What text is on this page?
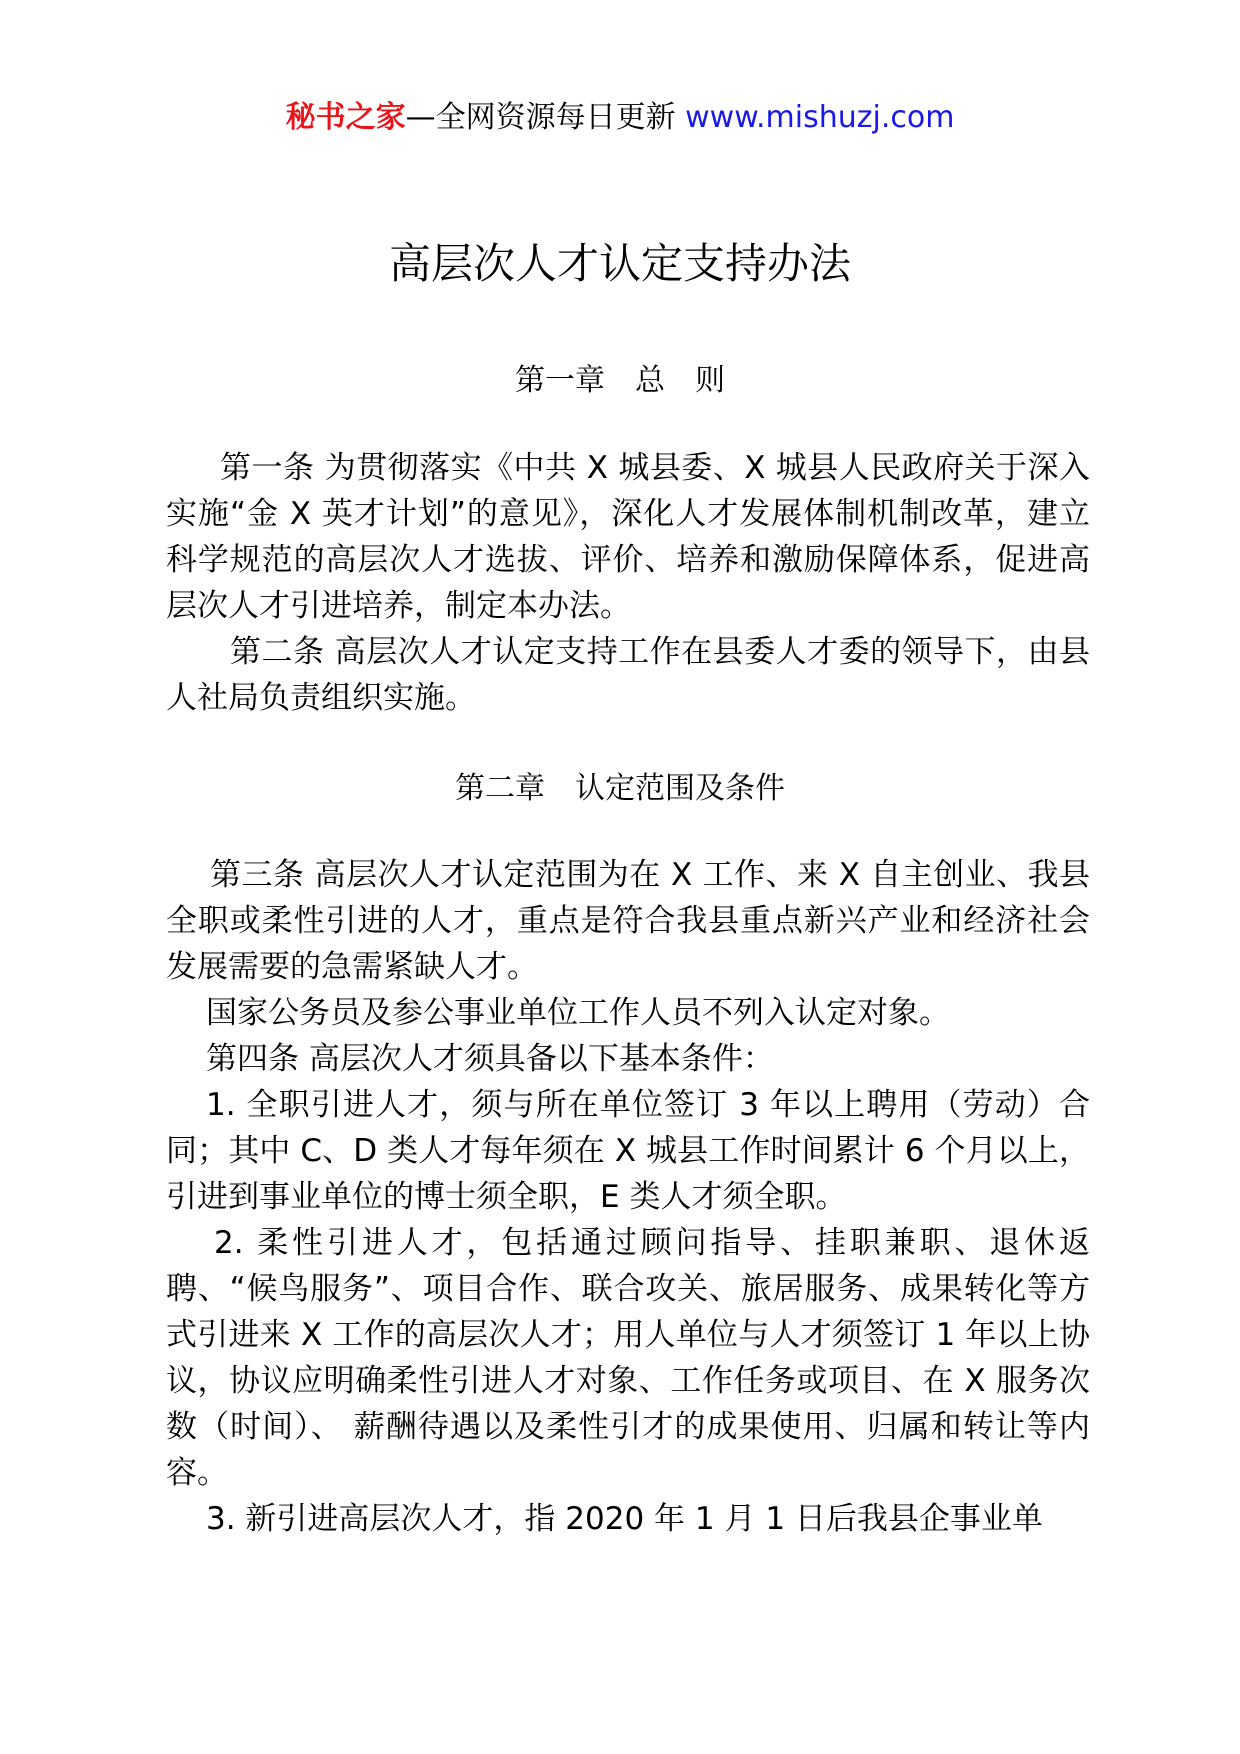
秘书之家—全网资源每日更新 www.mishuzj.com
高层次人才认定支持办法
第一章　总　则

第一条 为贯彻落实《中共 X 城县委、X 城县人民政府关于深入实施“金 X 英才计划”的意见》，深化人才发展体制机制改革，建立科学规范的高层次人才选拔、评价、培养和激励保障体系，促进高层次人才引进培养，制定本办法。

第二条 高层次人才认定支持工作在县委人才委的领导下，由县人社局负责组织实施。

第二章　认定范围及条件

第三条 高层次人才认定范围为在 X 工作、来 X 自主创业、我县全职或柔性引进的人才，重点是符合我县重点新兴产业和经济社会发展需要的急需紧缺人才。

国家公务员及参公事业单位工作人员不列入认定对象。

第四条 高层次人才须具备以下基本条件：

1. 全职引进人才，须与所在单位签订 3 年以上聘用（劳动）合同；其中 C、D 类人才每年须在 X 城县工作时间累计 6 个月以上，引进到事业单位的博士须全职，E 类人才须全职。

2. 柔性引进人才，包括通过顾问指导、挂职兼职、退休返聘、“候鸟服务”、项目合作、联合攻关、旅居服务、成果转化等方式引进来 X 工作的高层次人才；用人单位与人才须签订 1 年以上协议，协议应明确柔性引进人才对象、工作任务或项目、在 X 服务次数（时间）、 薪酬待遇以及柔性引才的成果使用、归属和转让等内容。

3. 新引进高层次人才，指 2020 年 1 月 1 日后我县企事业单
